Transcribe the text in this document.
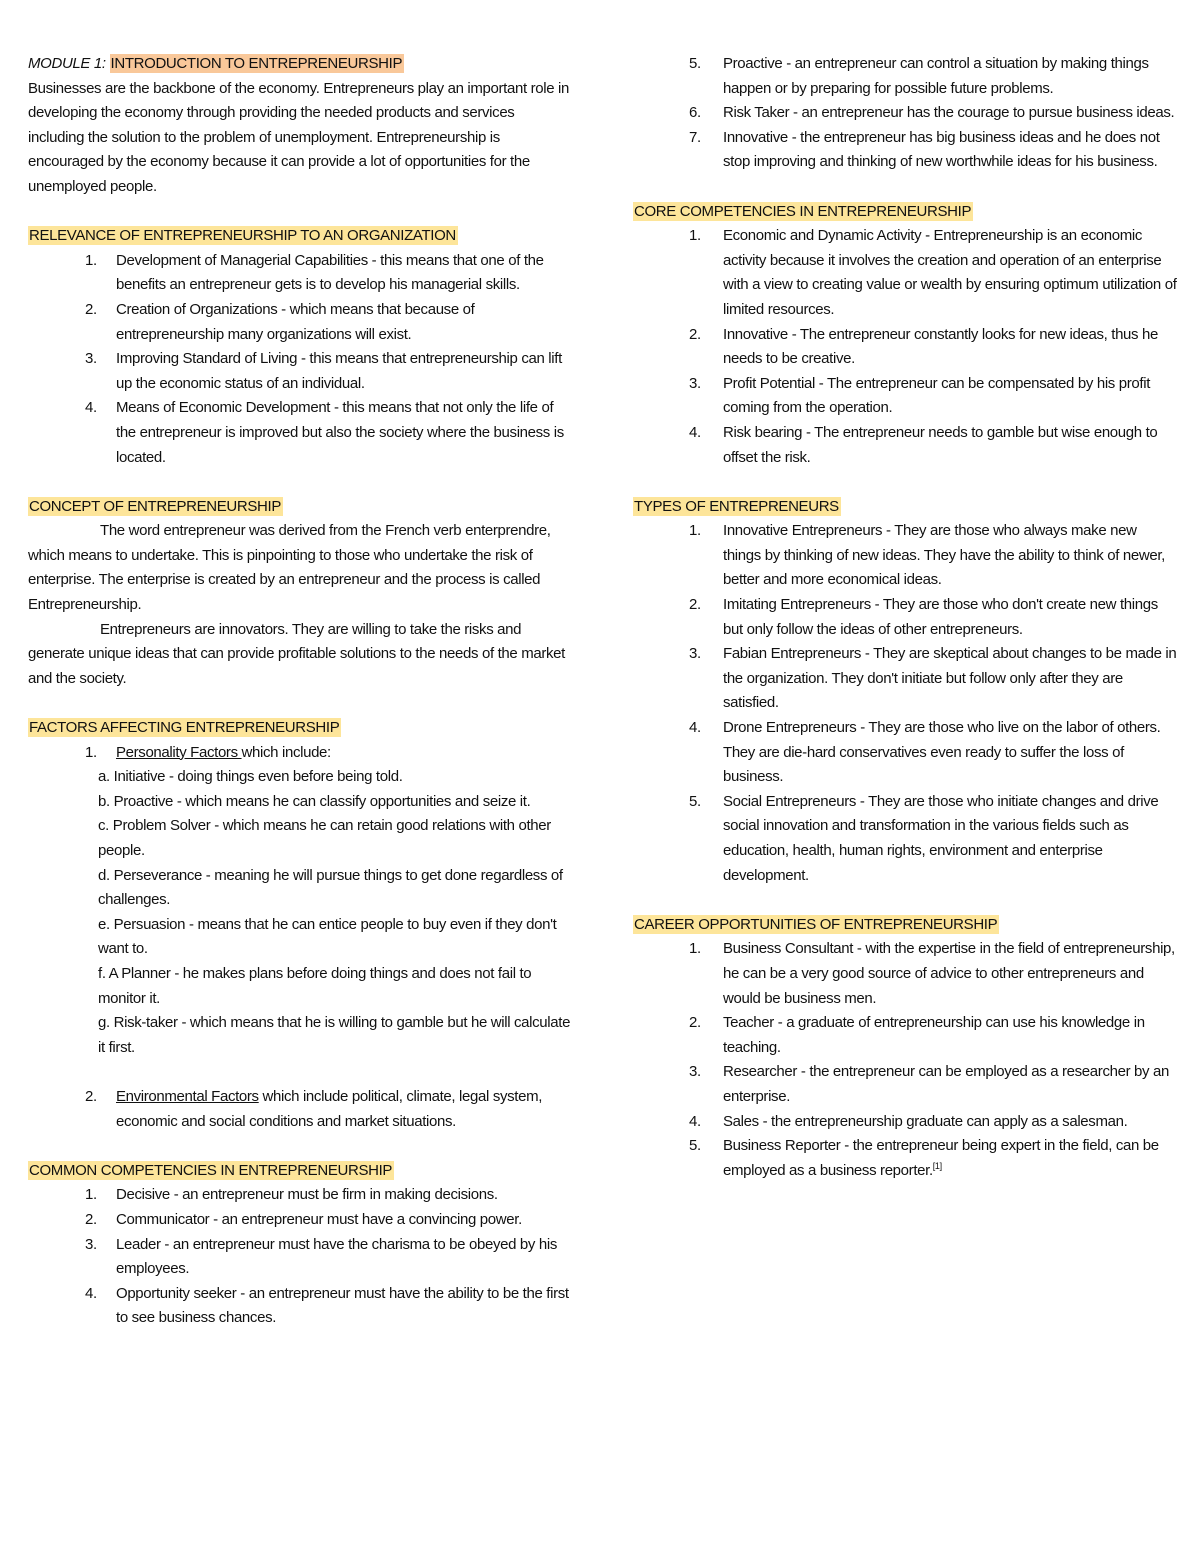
MODULE 1: INTRODUCTION TO ENTREPRENEURSHIP
Businesses are the backbone of the economy. Entrepreneurs play an important role in developing the economy through providing the needed products and services including the solution to the problem of unemployment. Entrepreneurship is encouraged by the economy because it can provide a lot of opportunities for the unemployed people.
RELEVANCE OF ENTREPRENEURSHIP TO AN ORGANIZATION
1. Development of Managerial Capabilities - this means that one of the benefits an entrepreneur gets is to develop his managerial skills.
2. Creation of Organizations - which means that because of entrepreneurship many organizations will exist.
3. Improving Standard of Living - this means that entrepreneurship can lift up the economic status of an individual.
4. Means of Economic Development - this means that not only the life of the entrepreneur is improved but also the society where the business is located.
CONCEPT OF ENTREPRENEURSHIP
The word entrepreneur was derived from the French verb enterprendre, which means to undertake. This is pinpointing to those who undertake the risk of enterprise. The enterprise is created by an entrepreneur and the process is called Entrepreneurship.
Entrepreneurs are innovators. They are willing to take the risks and generate unique ideas that can provide profitable solutions to the needs of the market and the society.
FACTORS AFFECTING ENTREPRENEURSHIP
1. Personality Factors which include:
a. Initiative - doing things even before being told.
b. Proactive - which means he can classify opportunities and seize it.
c. Problem Solver - which means he can retain good relations with other people.
d. Perseverance - meaning he will pursue things to get done regardless of challenges.
e. Persuasion - means that he can entice people to buy even if they don't want to.
f. A Planner - he makes plans before doing things and does not fail to monitor it.
g. Risk-taker - which means that he is willing to gamble but he will calculate it first.
2. Environmental Factors which include political, climate, legal system, economic and social conditions and market situations.
COMMON COMPETENCIES IN ENTREPRENEURSHIP
1. Decisive - an entrepreneur must be firm in making decisions.
2. Communicator - an entrepreneur must have a convincing power.
3. Leader - an entrepreneur must have the charisma to be obeyed by his employees.
4. Opportunity seeker - an entrepreneur must have the ability to be the first to see business chances.
5. Proactive - an entrepreneur can control a situation by making things happen or by preparing for possible future problems.
6. Risk Taker - an entrepreneur has the courage to pursue business ideas.
7. Innovative - the entrepreneur has big business ideas and he does not stop improving and thinking of new worthwhile ideas for his business.
CORE COMPETENCIES IN ENTREPRENEURSHIP
1. Economic and Dynamic Activity - Entrepreneurship is an economic activity because it involves the creation and operation of an enterprise with a view to creating value or wealth by ensuring optimum utilization of limited resources.
2. Innovative - The entrepreneur constantly looks for new ideas, thus he needs to be creative.
3. Profit Potential - The entrepreneur can be compensated by his profit coming from the operation.
4. Risk bearing - The entrepreneur needs to gamble but wise enough to offset the risk.
TYPES OF ENTREPRENEURS
1. Innovative Entrepreneurs - They are those who always make new things by thinking of new ideas. They have the ability to think of newer, better and more economical ideas.
2. Imitating Entrepreneurs - They are those who don't create new things but only follow the ideas of other entrepreneurs.
3. Fabian Entrepreneurs - They are skeptical about changes to be made in the organization. They don't initiate but follow only after they are satisfied.
4. Drone Entrepreneurs - They are those who live on the labor of others. They are die-hard conservatives even ready to suffer the loss of business.
5. Social Entrepreneurs - They are those who initiate changes and drive social innovation and transformation in the various fields such as education, health, human rights, environment and enterprise development.
CAREER OPPORTUNITIES OF ENTREPRENEURSHIP
1. Business Consultant - with the expertise in the field of entrepreneurship, he can be a very good source of advice to other entrepreneurs and would be business men.
2. Teacher - a graduate of entrepreneurship can use his knowledge in teaching.
3. Researcher - the entrepreneur can be employed as a researcher by an enterprise.
4. Sales - the entrepreneurship graduate can apply as a salesman.
5. Business Reporter - the entrepreneur being expert in the field, can be employed as a business reporter.[1]
